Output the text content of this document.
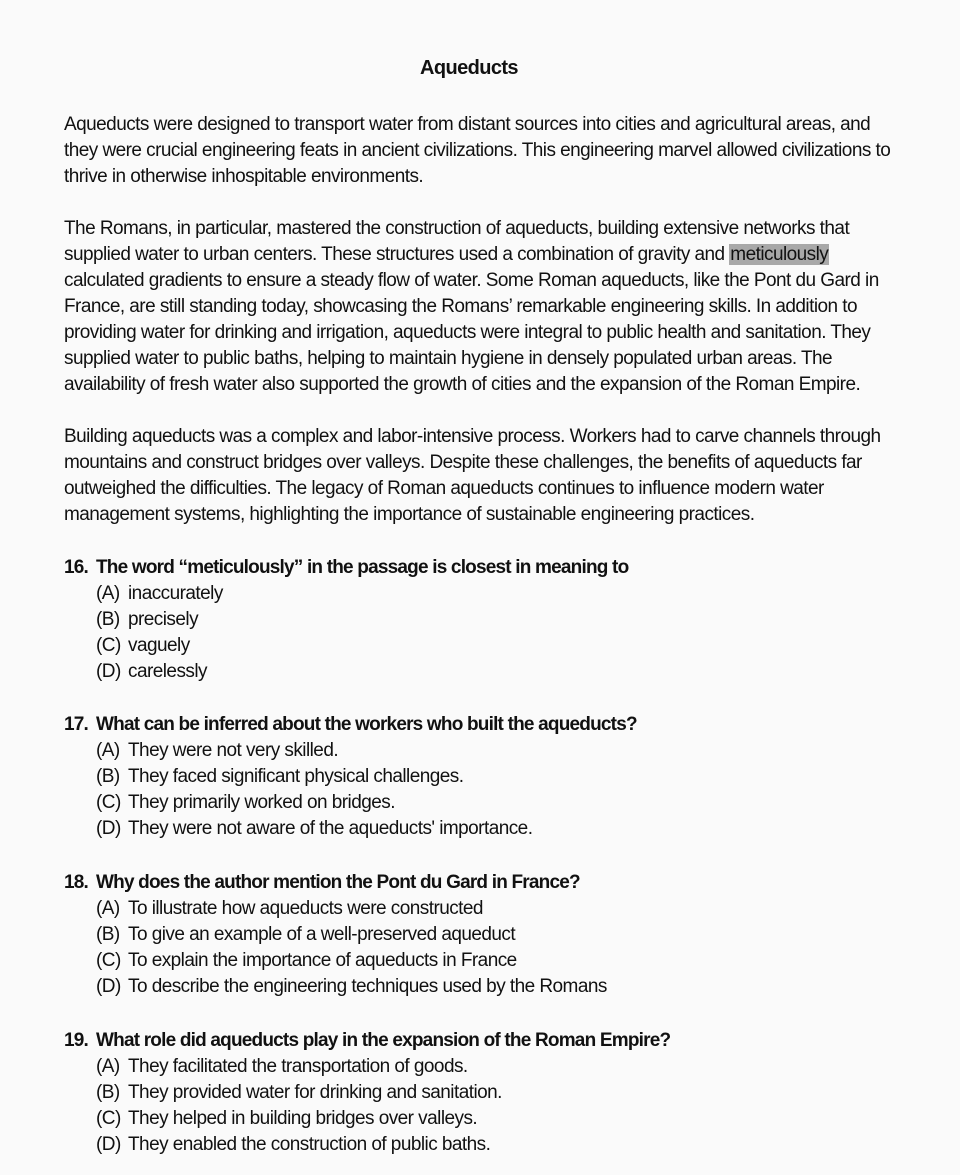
Aqueducts
Aqueducts were designed to transport water from distant sources into cities and agricultural areas, and
they were crucial engineering feats in ancient civilizations. This engineering marvel allowed civilizations to
thrive in otherwise inhospitable environments.
The Romans, in particular, mastered the construction of aqueducts, building extensive networks that
supplied water to urban centers. These structures used a combination of gravity and meticulously
calculated gradients to ensure a steady flow of water. Some Roman aqueducts, like the Pont du Gard in
France, are still standing today, showcasing the Romans’ remarkable engineering skills. In addition to
providing water for drinking and irrigation, aqueducts were integral to public health and sanitation. They
supplied water to public baths, helping to maintain hygiene in densely populated urban areas. The
availability of fresh water also supported the growth of cities and the expansion of the Roman Empire.
Building aqueducts was a complex and labor-intensive process. Workers had to carve channels through
mountains and construct bridges over valleys. Despite these challenges, the benefits of aqueducts far
outweighed the difficulties. The legacy of Roman aqueducts continues to influence modern water
management systems, highlighting the importance of sustainable engineering practices.
16. The word “meticulously” in the passage is closest in meaning to
(A) inaccurately
(B) precisely
(C) vaguely
(D) carelessly
17. What can be inferred about the workers who built the aqueducts?
(A) They were not very skilled.
(B) They faced significant physical challenges.
(C) They primarily worked on bridges.
(D) They were not aware of the aqueducts' importance.
18. Why does the author mention the Pont du Gard in France?
(A) To illustrate how aqueducts were constructed
(B) To give an example of a well-preserved aqueduct
(C) To explain the importance of aqueducts in France
(D) To describe the engineering techniques used by the Romans
19. What role did aqueducts play in the expansion of the Roman Empire?
(A) They facilitated the transportation of goods.
(B) They provided water for drinking and sanitation.
(C) They helped in building bridges over valleys.
(D) They enabled the construction of public baths.
